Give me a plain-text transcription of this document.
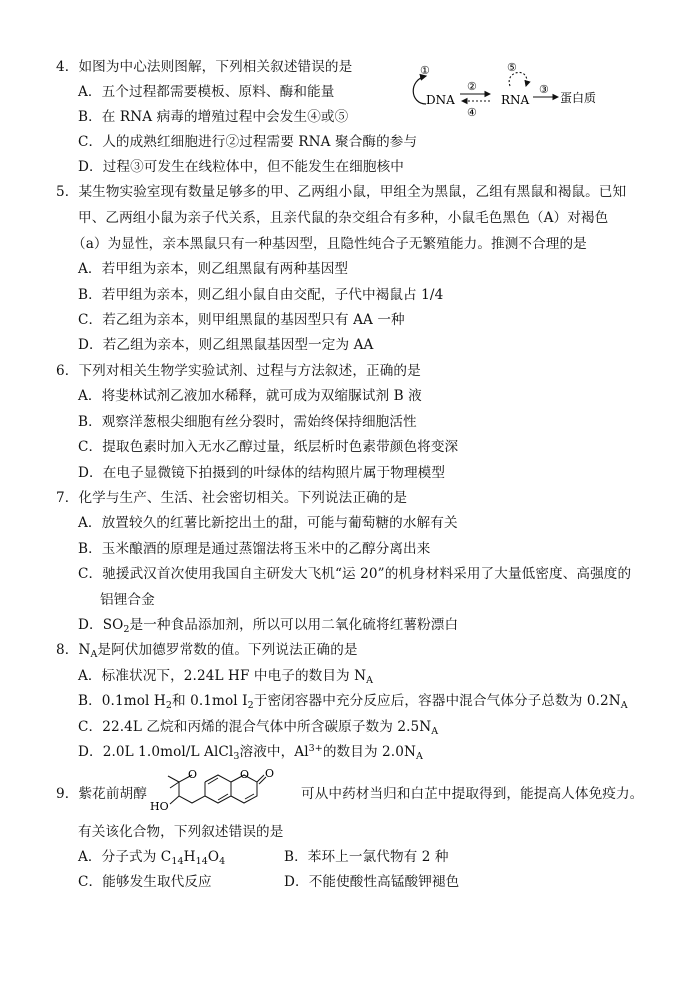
4．如图为中心法则图解，下列相关叙述错误的是
A．五个过程都需要模板、原料、酶和能量
B．在 RNA 病毒的增殖过程中会发生④或⑤
C．人的成熟红细胞进行②过程需要 RNA 聚合酶的参与
D．过程③可发生在线粒体中，但不能发生在细胞核中
①
DNA
②
④
⑤
RNA
③
蛋白质
5．某生物实验室现有数量足够多的甲、乙两组小鼠，甲组全为黑鼠，乙组有黑鼠和褐鼠。已知
甲、乙两组小鼠为亲子代关系，且亲代鼠的杂交组合有多种，小鼠毛色黑色（A）对褐色
（a）为显性，亲本黑鼠只有一种基因型，且隐性纯合子无繁殖能力。推测不合理的是
A．若甲组为亲本，则乙组黑鼠有两种基因型
B．若甲组为亲本，则乙组小鼠自由交配，子代中褐鼠占 1/4
C．若乙组为亲本，则甲组黑鼠的基因型只有 AA 一种
D．若乙组为亲本，则乙组黑鼠基因型一定为 AA
6．下列对相关生物学实验试剂、过程与方法叙述，正确的是
A．将斐林试剂乙液加水稀释，就可成为双缩脲试剂 B 液
B．观察洋葱根尖细胞有丝分裂时，需始终保持细胞活性
C．提取色素时加入无水乙醇过量，纸层析时色素带颜色将变深
D．在电子显微镜下拍摄到的叶绿体的结构照片属于物理模型
7．化学与生产、生活、社会密切相关。下列说法正确的是
A．放置较久的红薯比新挖出土的甜，可能与葡萄糖的水解有关
B．玉米酿酒的原理是通过蒸馏法将玉米中的乙醇分离出来
C．驰援武汉首次使用我国自主研发大飞机“运 20”的机身材料采用了大量低密度、高强度的
铝锂合金
D．$SO_2$是一种食品添加剂，所以可以用二氧化硫将红薯粉漂白
8．$N_A$是阿伏加德罗常数的值。下列说法正确的是
A．标准状况下，2.24L HF 中电子的数目为 $N_A$
B．0.1mol $H_2$和 0.1mol $I_2$于密闭容器中充分反应后，容器中混合气体分子总数为 $0.2N_A$
C．22.4L 乙烷和丙烯的混合气体中所含碳原子数为 $2.5N_A$
D．2.0L 1.0mol/L AlCl$_3$溶液中，$Al^{3+}$的数目为 $2.0N_A$
9．紫花前胡醇
O	O O
HO
可从中药材当归和白芷中提取得到，能提高人体免疫力。
有关该化合物，下列叙述错误的是
A．分子式为 $C_{14}H_{14}O_4$	B．苯环上一氯代物有 2 种
C．能够发生取代反应	D．不能使酸性高锰酸钾褪色
